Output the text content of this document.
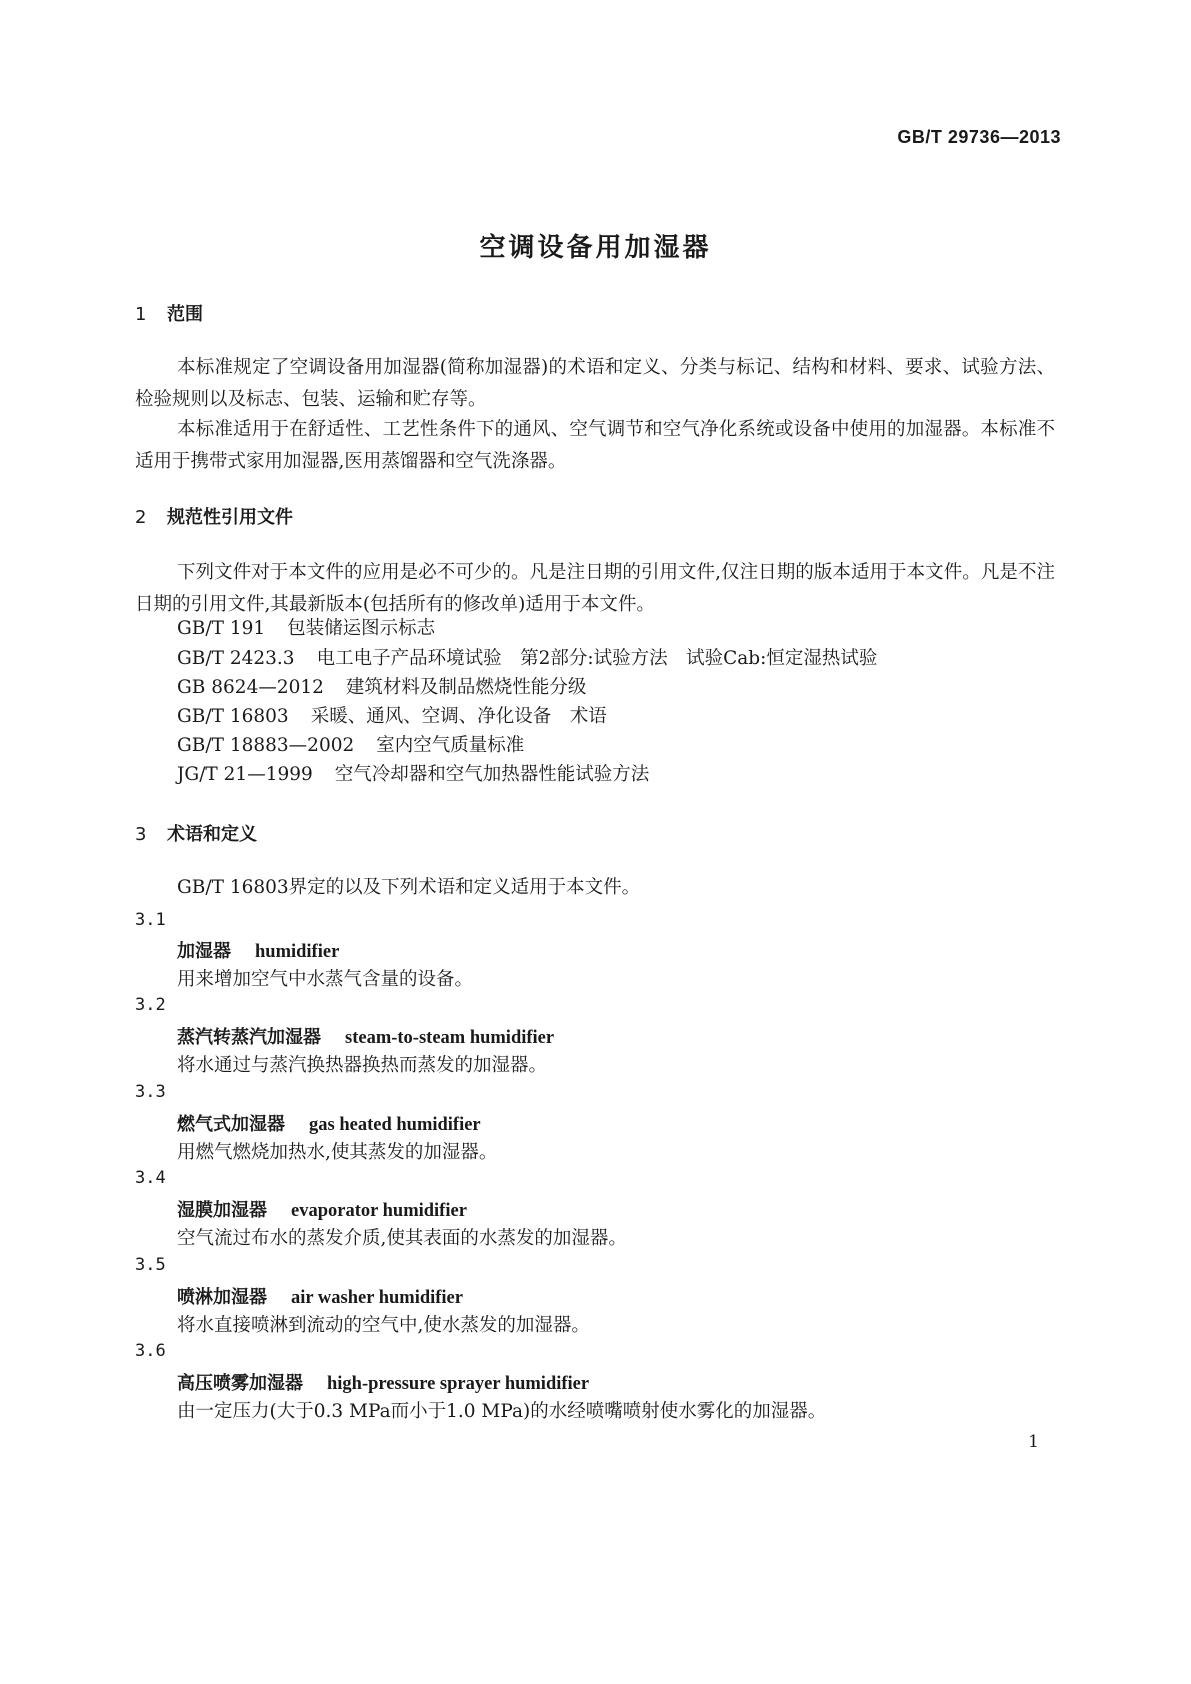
GB/T 29736—2013
空调设备用加湿器
1 范围
本标准规定了空调设备用加湿器(简称加湿器)的术语和定义、分类与标记、结构和材料、要求、试验方法、检验规则以及标志、包装、运输和贮存等。
本标准适用于在舒适性、工艺性条件下的通风、空气调节和空气净化系统或设备中使用的加湿器。本标准不适用于携带式家用加湿器,医用蒸馏器和空气洗涤器。
2 规范性引用文件
下列文件对于本文件的应用是必不可少的。凡是注日期的引用文件,仅注日期的版本适用于本文件。凡是不注日期的引用文件,其最新版本(包括所有的修改单)适用于本文件。
GB/T 191 包装储运图示标志
GB/T 2423.3 电工电子产品环境试验　第2部分:试验方法　试验Cab:恒定湿热试验
GB 8624—2012 建筑材料及制品燃烧性能分级
GB/T 16803 采暖、通风、空调、净化设备　术语
GB/T 18883—2002 室内空气质量标准
JG/T 21—1999 空气冷却器和空气加热器性能试验方法
3 术语和定义
GB/T 16803界定的以及下列术语和定义适用于本文件。
3.1
加湿器 humidifier
用来增加空气中水蒸气含量的设备。
3.2
蒸汽转蒸汽加湿器 steam-to-steam humidifier
将水通过与蒸汽换热器换热而蒸发的加湿器。
3.3
燃气式加湿器 gas heated humidifier
用燃气燃烧加热水,使其蒸发的加湿器。
3.4
湿膜加湿器 evaporator humidifier
空气流过布水的蒸发介质,使其表面的水蒸发的加湿器。
3.5
喷淋加湿器 air washer humidifier
将水直接喷淋到流动的空气中,使水蒸发的加湿器。
3.6
高压喷雾加湿器 high-pressure sprayer humidifier
由一定压力(大于0.3 MPa而小于1.0 MPa)的水经喷嘴喷射使水雾化的加湿器。
1
